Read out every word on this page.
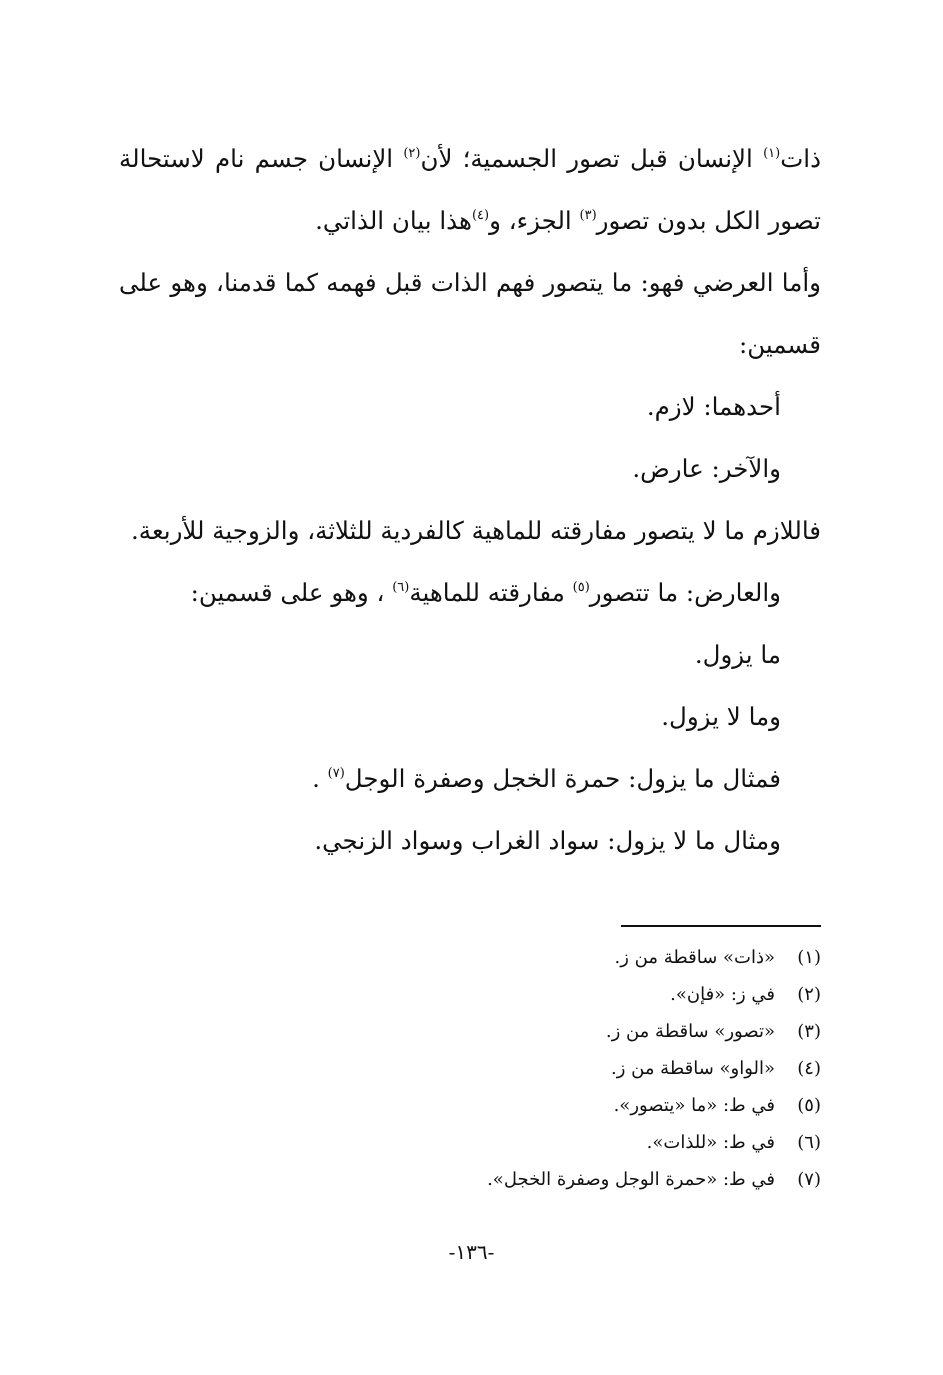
ذات$^{(١)}$ الإنسان قبل تصور الجسمية؛ لأن$^{(٢)}$ الإنسان جسم نام لاستحالة تصور الكل بدون تصور$^{(٣)}$ الجزء، و$^{(٤)}$هذا بيان الذاتي.

وأما العرضي فهو: ما يتصور فهم الذات قبل فهمه كما قدمنا، وهو على قسمين:

أحدهما: لازم.

والآخر: عارض.

فاللازم ما لا يتصور مفارقته للماهية كالفردية للثلاثة، والزوجية للأربعة.

والعارض: ما تتصور$^{(٥)}$ مفارقته للماهية$^{(٦)}$ ، وهو على قسمين:

ما يزول.

وما لا يزول.

فمثال ما يزول: حمرة الخجل وصفرة الوجل$^{(٧)}$ .

ومثال ما لا يزول: سواد الغراب وسواد الزنجي.

(١)
«ذات» ساقطة من ز.
(٢)
في ز: «فإن».
(٣)
«تصور» ساقطة من ز.
(٤)
«الواو» ساقطة من ز.
(٥)
في ط: «ما «يتصور».
(٦)
في ط: «للذات».
(٧)
في ط: «حمرة الوجل وصفرة الخجل».
-١٣٦-
